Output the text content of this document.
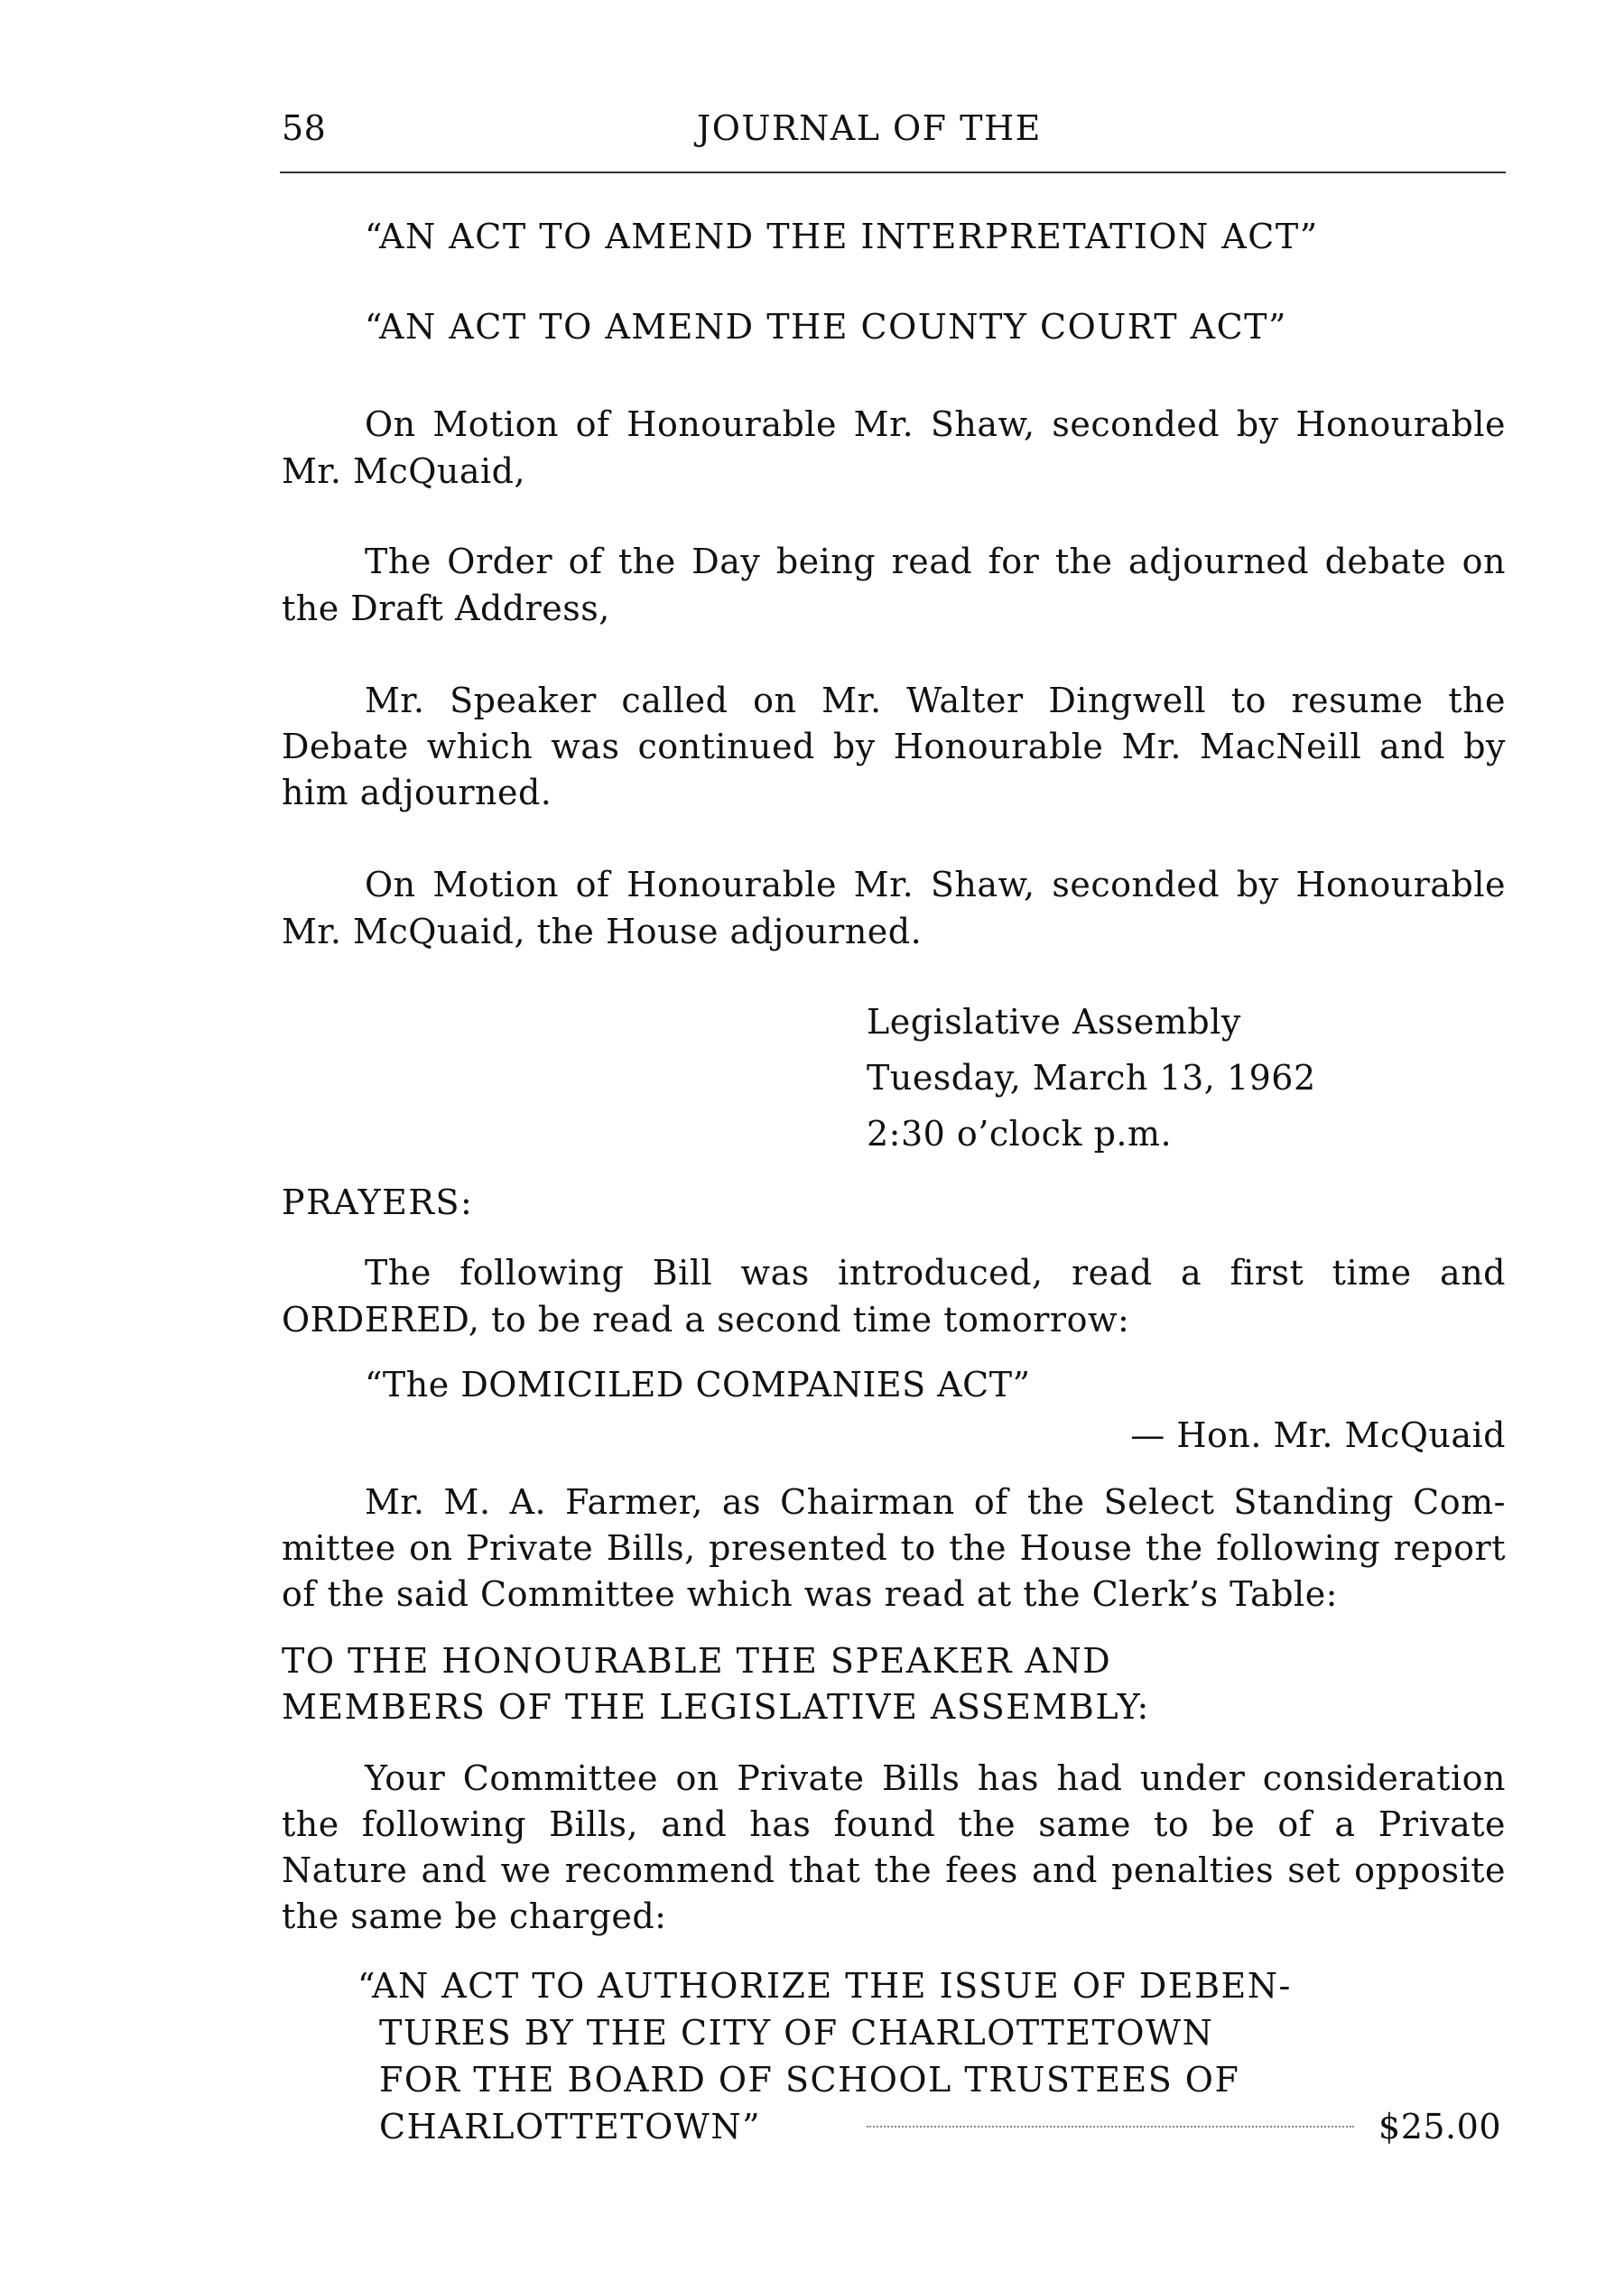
58	JOURNAL OF THE
“AN ACT TO AMEND THE INTERPRETATION ACT”
“AN ACT TO AMEND THE COUNTY COURT ACT”
On Motion of Honourable Mr. Shaw, seconded by Honourable
Mr. McQuaid,
The Order of the Day being read for the adjourned debate on
the Draft Address,
Mr. Speaker called on Mr. Walter Dingwell to resume the
Debate which was continued by Honourable Mr. MacNeill and by
him adjourned.
On Motion of Honourable Mr. Shaw, seconded by Honourable
Mr. McQuaid, the House adjourned.
Legislative Assembly
Tuesday, March 13, 1962
2:30 o’clock p.m.
PRAYERS:
The following Bill was introduced, read a first time and
ORDERED, to be read a second time tomorrow:
“The DOMICILED COMPANIES ACT”
— Hon. Mr. McQuaid
Mr. M. A. Farmer, as Chairman of the Select Standing Com-
mittee on Private Bills, presented to the House the following report
of the said Committee which was read at the Clerk’s Table:
TO THE HONOURABLE THE SPEAKER AND
MEMBERS OF THE LEGISLATIVE ASSEMBLY:
Your Committee on Private Bills has had under consideration
the following Bills, and has found the same to be of a Private
Nature and we recommend that the fees and penalties set opposite
the same be charged:
“AN ACT TO AUTHORIZE THE ISSUE OF DEBEN-
TURES BY THE CITY OF CHARLOTTETOWN
FOR THE BOARD OF SCHOOL TRUSTEES OF
CHARLOTTETOWN”	$25.00
